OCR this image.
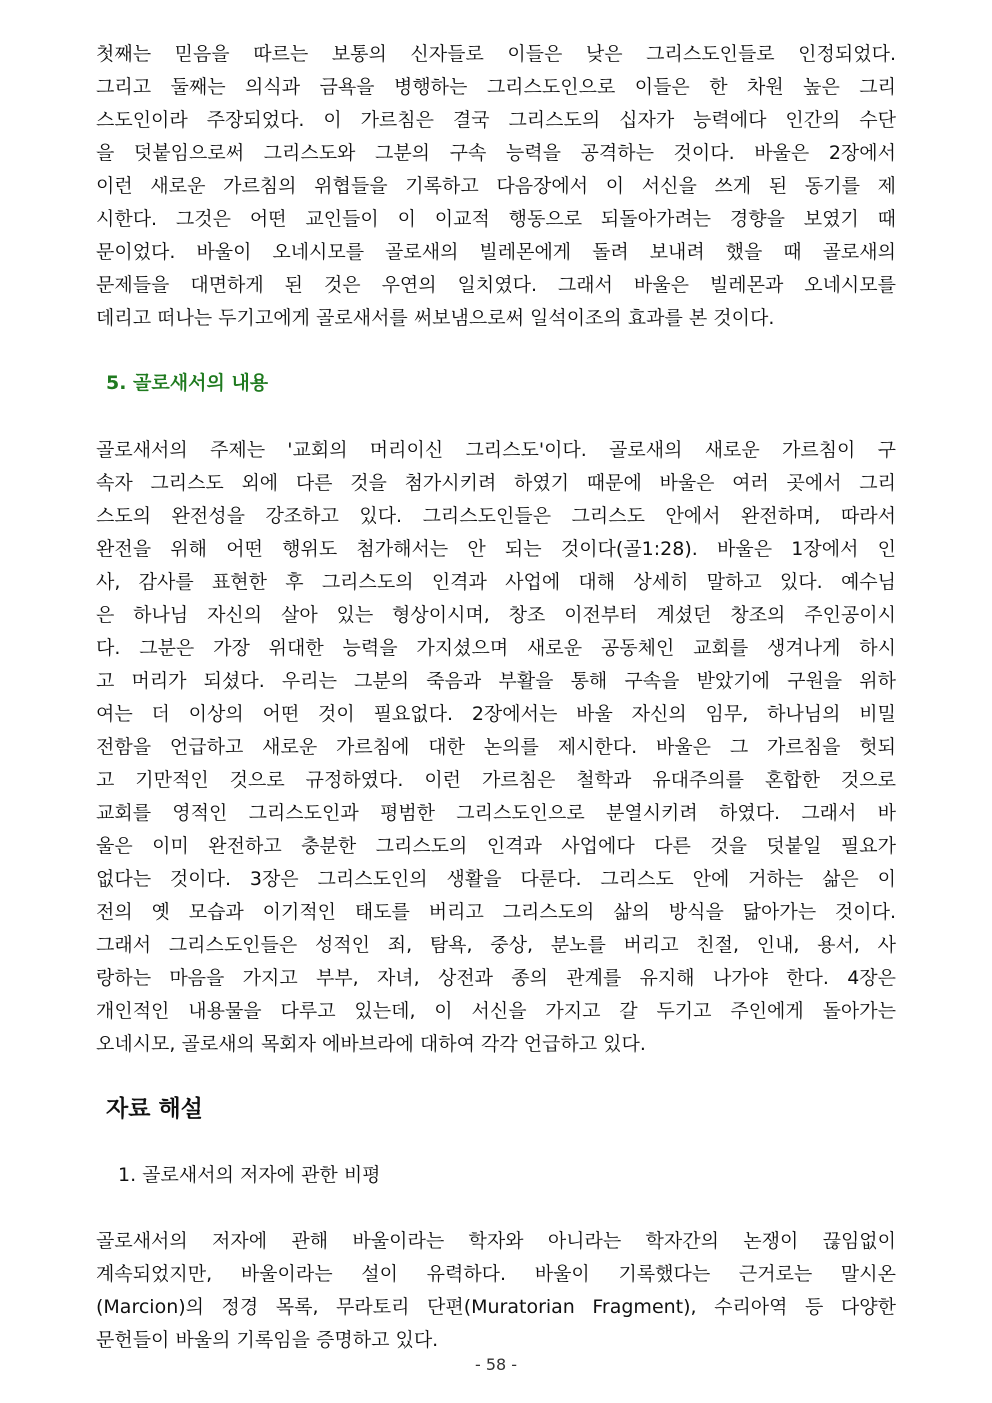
첫째는 믿음을 따르는 보통의 신자들로 이들은 낮은 그리스도인들로 인정되었다.
그리고 둘째는 의식과 금욕을 병행하는 그리스도인으로 이들은 한 차원 높은 그리
스도인이라 주장되었다. 이 가르침은 결국 그리스도의 십자가 능력에다 인간의 수단
을 덧붙임으로써 그리스도와 그분의 구속 능력을 공격하는 것이다. 바울은 2장에서
이런 새로운 가르침의 위협들을 기록하고 다음장에서 이 서신을 쓰게 된 동기를 제
시한다. 그것은 어떤 교인들이 이 이교적 행동으로 되돌아가려는 경향을 보였기 때
문이었다. 바울이 오네시모를 골로새의 빌레몬에게 돌려 보내려 했을 때 골로새의
문제들을 대면하게 된 것은 우연의 일치였다. 그래서 바울은 빌레몬과 오네시모를
데리고 떠나는 두기고에게 골로새서를 써보냄으로써 일석이조의 효과를 본 것이다.
5. 골로새서의 내용
골로새서의 주제는 '교회의 머리이신 그리스도'이다. 골로새의 새로운 가르침이 구
속자 그리스도 외에 다른 것을 첨가시키려 하였기 때문에 바울은 여러 곳에서 그리
스도의 완전성을 강조하고 있다. 그리스도인들은 그리스도 안에서 완전하며, 따라서
완전을 위해 어떤 행위도 첨가해서는 안 되는 것이다(골1:28). 바울은 1장에서 인
사, 감사를 표현한 후 그리스도의 인격과 사업에 대해 상세히 말하고 있다. 예수님
은 하나님 자신의 살아 있는 형상이시며, 창조 이전부터 계셨던 창조의 주인공이시
다. 그분은 가장 위대한 능력을 가지셨으며 새로운 공동체인 교회를 생겨나게 하시
고 머리가 되셨다. 우리는 그분의 죽음과 부활을 통해 구속을 받았기에 구원을 위하
여는 더 이상의 어떤 것이 필요없다. 2장에서는 바울 자신의 임무, 하나님의 비밀
전함을 언급하고 새로운 가르침에 대한 논의를 제시한다. 바울은 그 가르침을 헛되
고 기만적인 것으로 규정하였다. 이런 가르침은 철학과 유대주의를 혼합한 것으로
교회를 영적인 그리스도인과 평범한 그리스도인으로 분열시키려 하였다. 그래서 바
울은 이미 완전하고 충분한 그리스도의 인격과 사업에다 다른 것을 덧붙일 필요가
없다는 것이다. 3장은 그리스도인의 생활을 다룬다. 그리스도 안에 거하는 삶은 이
전의 옛 모습과 이기적인 태도를 버리고 그리스도의 삶의 방식을 닮아가는 것이다.
그래서 그리스도인들은 성적인 죄, 탐욕, 중상, 분노를 버리고 친절, 인내, 용서, 사
랑하는 마음을 가지고 부부, 자녀, 상전과 종의 관계를 유지해 나가야 한다. 4장은
개인적인 내용물을 다루고 있는데, 이 서신을 가지고 갈 두기고 주인에게 돌아가는
오네시모, 골로새의 목회자 에바브라에 대하여 각각 언급하고 있다.
자료 해설
1. 골로새서의 저자에 관한 비평
골로새서의 저자에 관해 바울이라는 학자와 아니라는 학자간의 논쟁이 끊임없이
계속되었지만, 바울이라는 설이 유력하다. 바울이 기록했다는 근거로는 말시온
(Marcion)의 정경 목록, 무라토리 단편(Muratorian Fragment), 수리아역 등 다양한
문헌들이 바울의 기록임을 증명하고 있다.
- 58 -
